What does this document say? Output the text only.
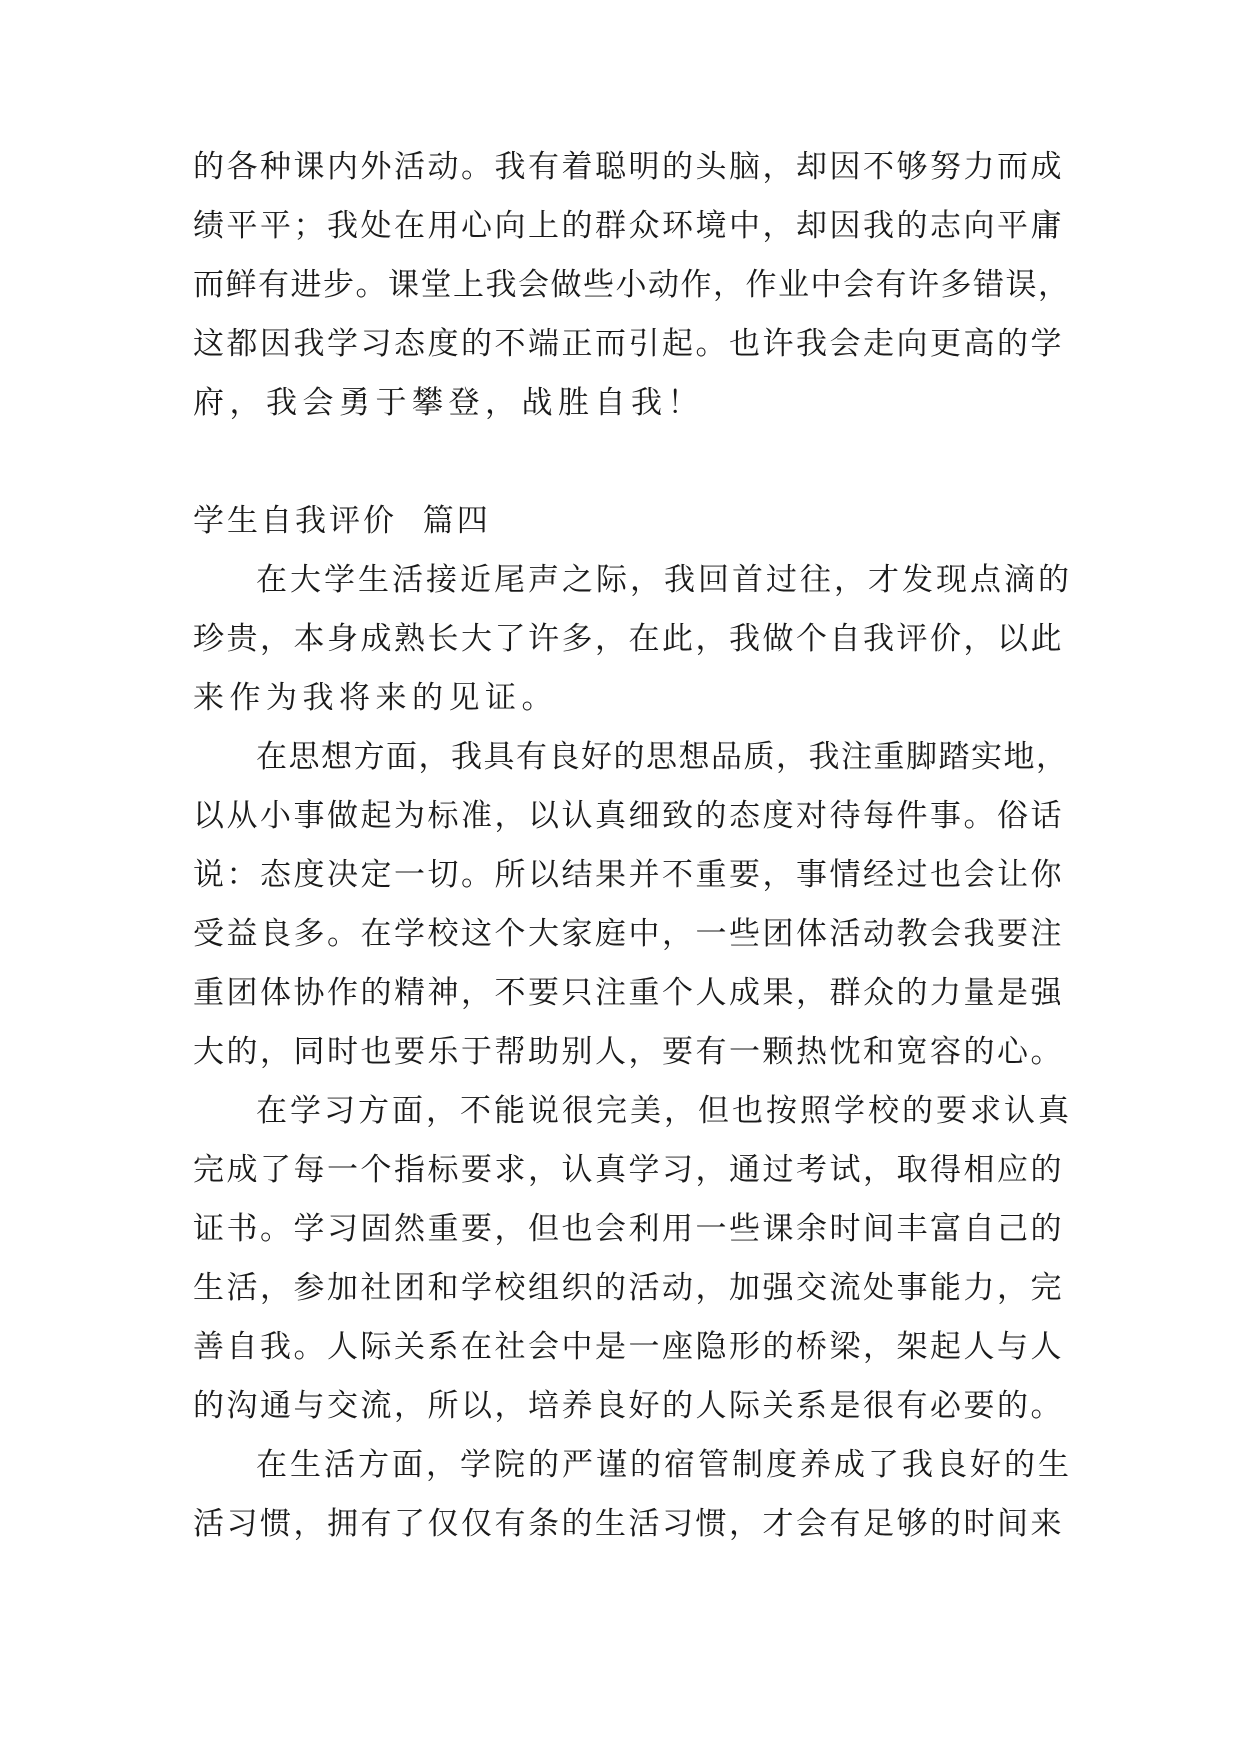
的各种课内外活动。我有着聪明的头脑，却因不够努力而成
绩平平；我处在用心向上的群众环境中，却因我的志向平庸
而鲜有进步。课堂上我会做些小动作，作业中会有许多错误，
这都因我学习态度的不端正而引起。也许我会走向更高的学
府，我会勇于攀登，战胜自我！
学生自我评价  篇四
在大学生活接近尾声之际，我回首过往，才发现点滴的
珍贵，本身成熟长大了许多，在此，我做个自我评价，以此
来作为我将来的见证。
在思想方面，我具有良好的思想品质，我注重脚踏实地，
以从小事做起为标准，以认真细致的态度对待每件事。俗话
说：态度决定一切。所以结果并不重要，事情经过也会让你
受益良多。在学校这个大家庭中，一些团体活动教会我要注
重团体协作的精神，不要只注重个人成果，群众的力量是强
大的，同时也要乐于帮助别人，要有一颗热忱和宽容的心。
在学习方面，不能说很完美，但也按照学校的要求认真
完成了每一个指标要求，认真学习，通过考试，取得相应的
证书。学习固然重要，但也会利用一些课余时间丰富自己的
生活，参加社团和学校组织的活动，加强交流处事能力，完
善自我。人际关系在社会中是一座隐形的桥梁，架起人与人
的沟通与交流，所以，培养良好的人际关系是很有必要的。
在生活方面，学院的严谨的宿管制度养成了我良好的生
活习惯，拥有了仅仅有条的生活习惯，才会有足够的时间来
